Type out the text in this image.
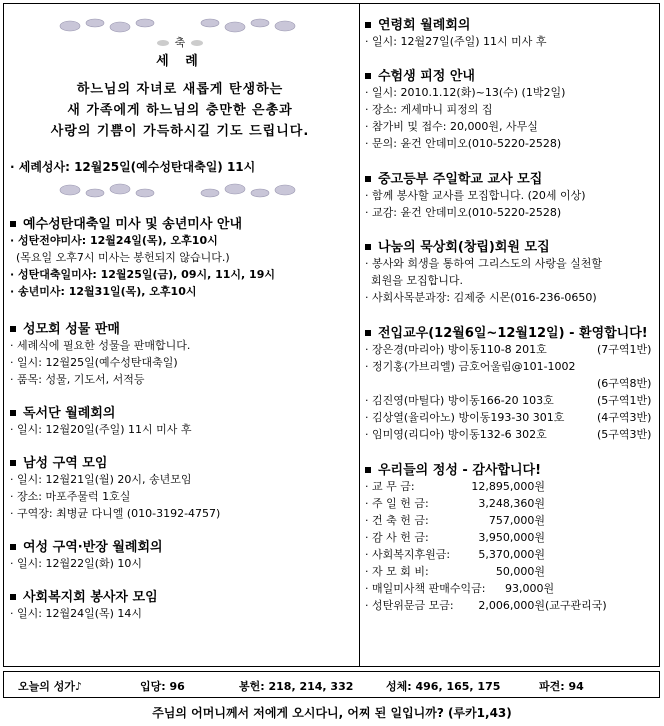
축
세 례
하느님의 자녀로 새롭게 탄생하는
새 가족에게 하느님의 충만한 은총과
사랑의 기쁨이 가득하시길 기도 드립니다.
· 세례성사: 12월25일(예수성탄대축일) 11시
예수성탄대축일 미사 및 송년미사 안내
· 성탄전야미사: 12월24일(목), 오후10시
(목요일 오후7시 미사는 봉헌되지 않습니다.)
· 성탄대축일미사: 12월25일(금), 09시, 11시, 19시
· 송년미사: 12월31일(목), 오후10시
성모회 성물 판매
· 세례식에 필요한 성물을 판매합니다.
· 일시: 12월25일(예수성탄대축일)
· 품목: 성물, 기도서, 서적등
독서단 월례회의
· 일시: 12월20일(주일) 11시 미사 후
남성 구역 모임
· 일시: 12월21일(월) 20시, 송년모임
· 장소: 마포주물럭 1호실
· 구역장: 최병균 다니엘 (010-3192-4757)
여성 구역·반장 월례회의
· 일시: 12월22일(화) 10시
사회복지회 봉사자 모임
· 일시: 12월24일(목) 14시
연령회 월례회의
· 일시: 12월27일(주일) 11시 미사 후
수험생 피정 안내
· 일시: 2010.1.12(화)~13(수) (1박2일)
· 장소: 게세마니 피정의 집
· 참가비 및 접수: 20,000원, 사무실
· 문의: 윤건 안데미오(010-5220-2528)
중고등부 주일학교 교사 모집
· 함께 봉사할 교사를 모집합니다. (20세 이상)
· 교감: 윤건 안데미오(010-5220-2528)
나눔의 묵상회(창립)회원 모집
· 봉사와 희생을 통하여 그리스도의 사랑을 실천할
회원을 모집합니다.
· 사회사목분과장: 김제중 시몬(016-236-0650)
전입교우(12월6일~12월12일) - 환영합니다!
· 장은경(마리아) 방이동110-8 201호	(7구역1반)
· 정기홍(가브리엘) 금호어울림@101-1002
(6구역8반)
· 김진영(마틸다) 방이동166-20 103호	(5구역1반)
· 김상열(율리아노) 방이동193-30 301호	(4구역3반)
· 임미영(리디아) 방이동132-6 302호	(5구역3반)
우리들의 정성 - 감사합니다!
· 교 무 금:	12,895,000원
· 주 일 헌 금:	3,248,360원
· 건 축 헌 금:	757,000원
· 감 사 헌 금:	3,950,000원
· 사회복지후원금:	5,370,000원
· 자 모 회 비:	50,000원
· 매일미사책 판매수익금:	93,000원
· 성탄위문금 모금:	2,006,000원 (교구관리국)
오늘의 성가♪	입당: 96	봉헌: 218, 214, 332	성체: 496, 165, 175	파견: 94
주님의 어머니께서 저에게 오시다니, 어찌 된 일입니까? (루카1,43)
